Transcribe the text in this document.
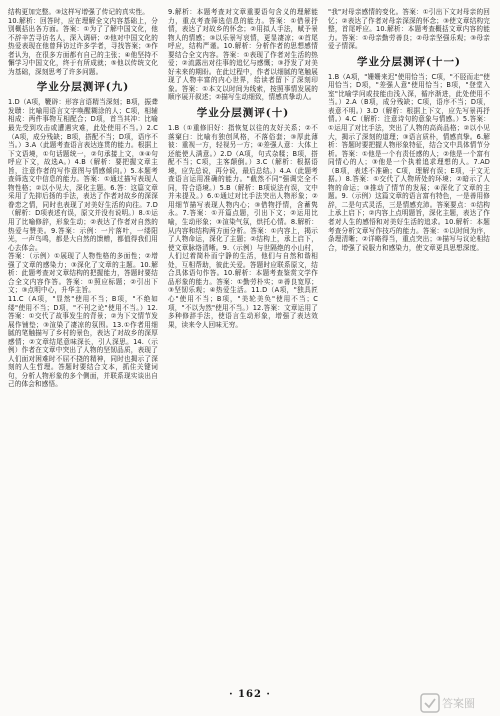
结构更加完整。③这样写增强了传记的真实性。

10.解析：回答时，应在理解全文内容基础上，分别概括出各方面。答案：①为了了解中国文化，他不辞辛苦寻访名人，深入调研；②他对中国文化的热爱表现在他曾拜访过许多学者，寻找答案；③作者认为，在很多方面都有自己的主张；④他坚持不懈学习中国文化，终于有所成就；⑤他以传统文化为基础，深刻思考了许多问题。

学业分层测评(九)

1.D（A项，鞭辟：形容言语精当深刻；B项，振聋发聩：比喻用语言文字唤醒糊涂的人；C项，相辅相成：两件事物互相配合；D项，首当其冲：比喻最先受到攻击或遭遇灾难，此处使用不当。）2.C（A项，成分残缺；B项，搭配不当；D项，语序不当。）3.A（此题考查语言表达连贯的能力。根据上下文语境，①句话题统一，②句承接上文，③④句呼应下文，故选A。）4.B（解析：要把握文章主旨，注意作者的写作意图与情感倾向。）5.本题考查筛选文中信息的能力。答案：①通过描写表现人物性格；②以小见大，深化主题。6.答：这篇文章采用了先抑后扬的手法，表达了作者对故乡的深深眷恋之情，同时也表现了对美好生活的向往。7.D（解析：D项表述有误，原文并没有说明。）8.①运用了比喻修辞，形象生动；②表达了作者对自然的热爱与赞美。9.答案：示例：一片落叶，一缕阳光，一声鸟鸣，都是大自然的馈赠，都值得我们用心去体会。

答案：（示例）①展现了人物性格的多面性；②增强了文章的感染力；③深化了文章的主题。10.解析：此题考查对文章结构的把握能力，答题时要结合全文内容作答。答案：①照应标题；②引出下文；③点明中心，升华主旨。

11.C（A项，"显然"使用不当；B项，"不绝如缕"使用不当；D项，"不刊之论"使用不当。）12.答案：①交代了故事发生的背景；②为下文情节发展作铺垫；③渲染了凄凉的氛围。13.①作者用细腻的笔触描写了乡村的景色，表达了对故乡的深厚感情；②文章结尾意味深长，引人深思。14.（示例）作者在文章中突出了人物的坚韧品质，表现了人们面对困难时不屈不挠的精神，同时也揭示了深刻的人生哲理。答题时要结合文本，抓住关键词句，分析人物形象的多个侧面，并联系现实谈出自己的体会和感悟。

9.解析：本题考查对文章重要语句含义的理解能力，重点考查筛选信息的能力。答案：①借景抒情，表达了对故乡的怀念；②用拟人手法，赋予景物人的情感；③以乐景写哀情，更显凄凉；④首尾呼应，结构严谨。10.解析：分析作者的思想感情要结合全文内容。答案：①表现了作者对生活的热爱；②流露出对往事的追忆与感慨；③抒发了对美好未来的期盼。在此过程中，作者以细腻的笔触展现了人物丰富的内心世界，给读者留下了深刻印象。答案：①本文以时间为线索，按照事情发展的顺序展开叙述；②描写生动细致，情感真挚动人。

学业分层测评(十)

1.B（①重修旧好：指恢复以往的友好关系；②不落窠臼：比喻有独创风格，不落俗套；③厚此薄彼：重视一方，轻视另一方；④差强人意：大体上还能使人满意。）2.D（A项，句式杂糅；B项，搭配不当；C项，主客颠倒。）3.C（解析：根据语境，应先总说，再分说，最后总结。）4.A（此题考查语言运用准确的能力。"截然不同"强调完全不同，符合语境。）5.B（解析：B项说法有误，文中并未提及。）6.①通过对比手法突出人物形象；②用细节描写表现人物内心；③借物抒情，含蓄隽永。7.答案：①开篇点题，引出下文；②运用比喻，生动形象；③渲染气氛，烘托心情。8.解析：从内容和结构两方面分析。答案：①内容上，揭示了人物命运，深化了主题；②结构上，承上启下，使文章脉络清晰。9.（示例）与世隔绝的小山村，人们过着简朴而宁静的生活，他们与自然和谐相处，互相帮助，彼此关爱。答题时应联系原文，结合具体语句作答。10.解析：本题考查鉴赏文学作品形象的能力。答案：①勤劳朴实；②善良宽厚；③坚韧乐观；④热爱生活。11.D（A项，"独具匠心"使用不当；B项，"美轮美奂"使用不当；C项，"不以为然"使用不当。）12.答案：文章运用了多种修辞手法，使语言生动形象，增强了表达效果，读来令人回味无穷。

"我"对母亲感情的变化。答案：①引出下文对母亲的回忆；②表达了作者对母亲深深的怀念；③使文章结构完整，首尾呼应。10.解析：本题考查概括文章内容的能力。答案：①母亲勤劳善良；②母亲坚强乐观；③母亲爱子情深。

学业分层测评(十一)

1.B（A项，"姗姗来迟"使用恰当；C项，"不胫而走"使用恰当；D项，"差强人意"使用恰当；B项，"登堂入室"比喻学问或技能由浅入深，循序渐进，此处使用不当。）2.A（B项，成分残缺；C项，语序不当；D项，表意不明。）3.D（解析：根据上下文，应先写景再抒情。）4.C（解析：注意诗句的意象与情感。）5.答案：①运用了对比手法，突出了人物的高尚品格；②以小见大，揭示了深刻的道理；③语言质朴，情感真挚。6.解析：答题时要把握人物形象特征，结合文中具体情节分析。答案：①他是一个有责任感的人；②他是一个富有同情心的人；③他是一个执着追求理想的人。7.AD（B项，表述不准确；C项，理解有误；E项，于文无据。）8.答案：①交代了人物所处的环境；②暗示了人物的命运；③推动了情节的发展；④深化了文章的主题。9.（示例）这篇文章的语言富有特色，一是善用修辞，二是句式灵活，三是情感充沛。答案要点：①结构上承上启下；②内容上点明题旨，深化主题，表达了作者对人生的感悟和对美好生活的追求。10.解析：本题考查分析文章写作技巧的能力。答案：①以时间为序，条理清晰；②详略得当，重点突出；③描写与议论相结合，增强了说服力和感染力，使文章更具思想深度。

· 162 ·
答案圈
